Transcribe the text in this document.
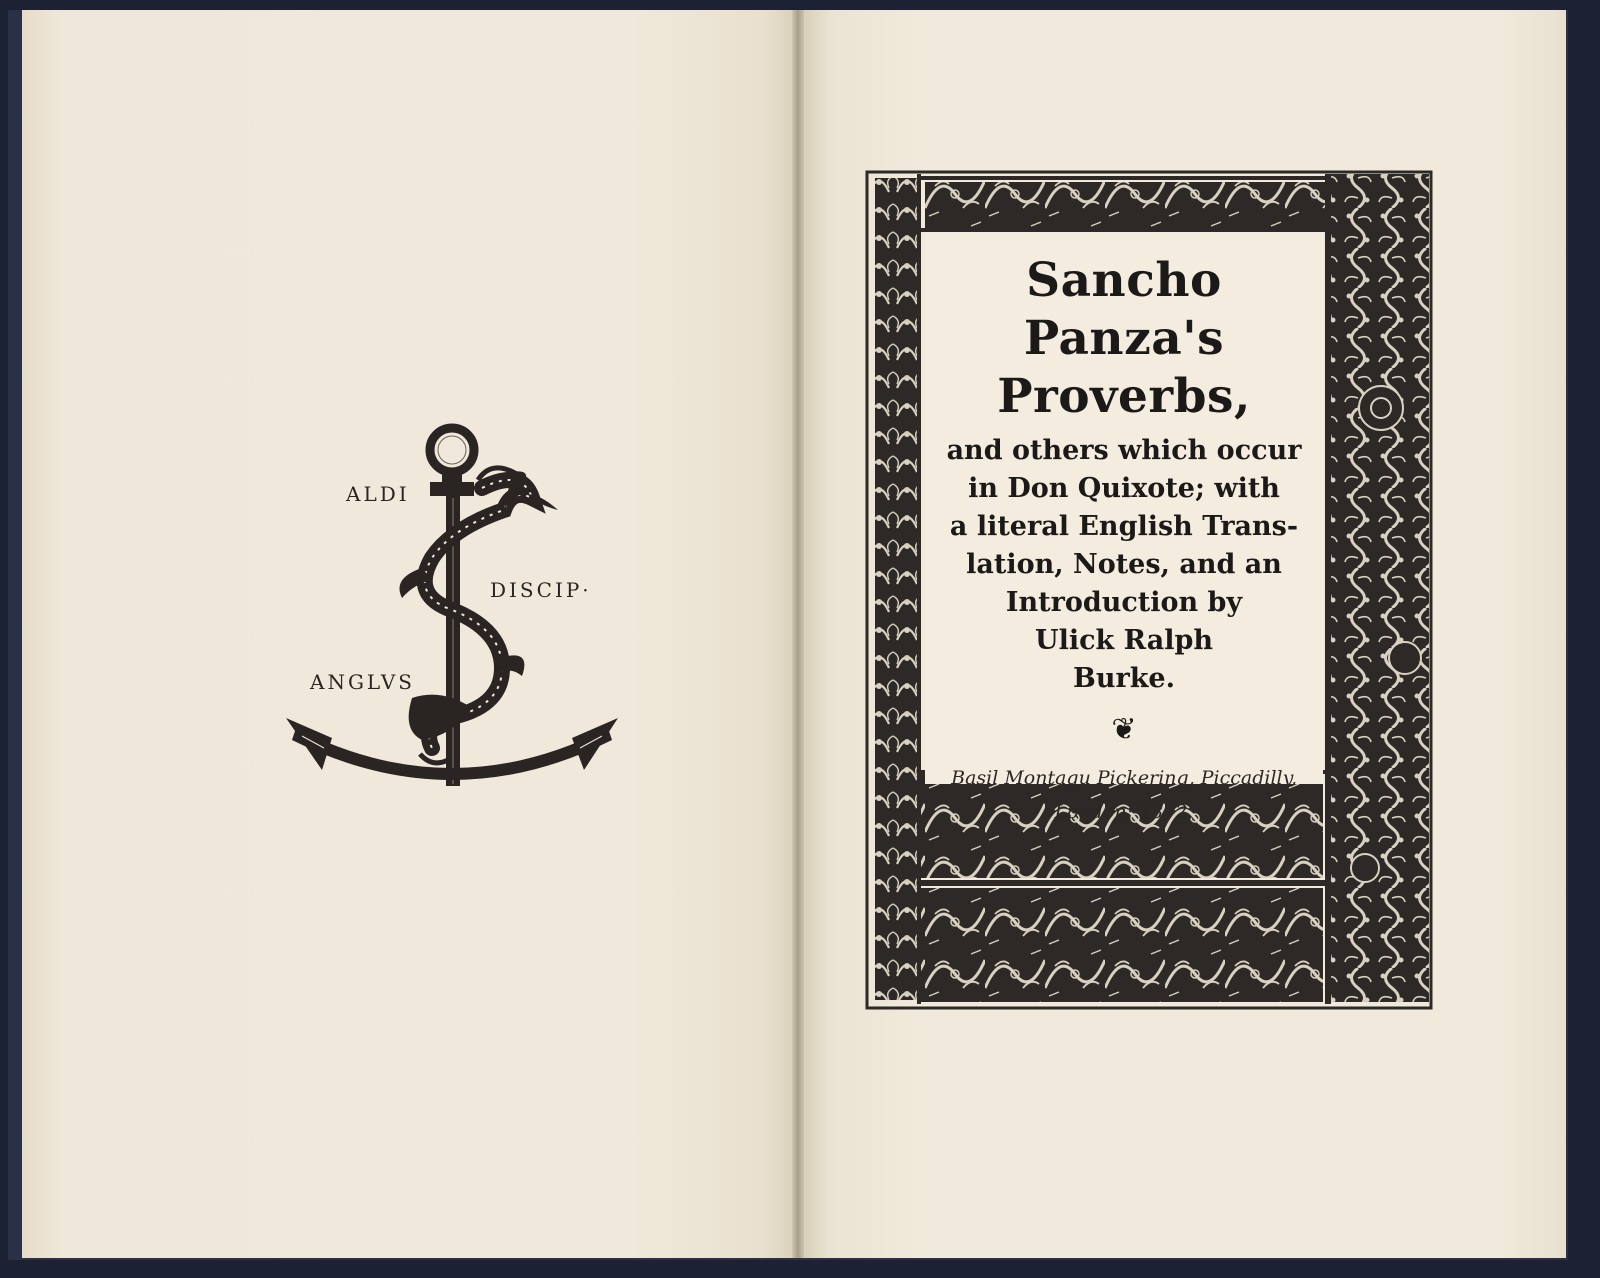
ALDI
DISCIP·
ANGLVS
Sancho Panza's
Proverbs,
and others which occur
in Don Quixote; with
a literal English Trans-
lation, Notes, and an
Introduction by
Ulick Ralph
Burke.
❦
Basil Montagu Pickering, Piccadilly,
London: 1872.
